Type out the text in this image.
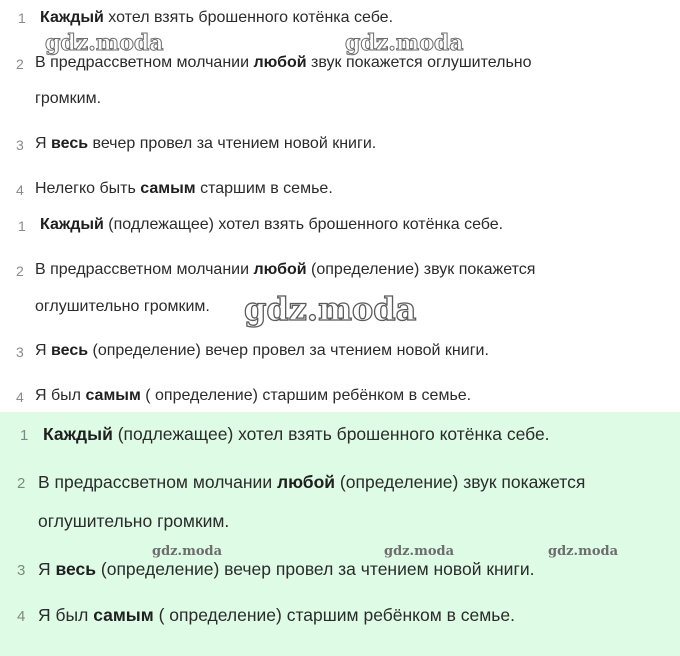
1 Каждый хотел взять брошенного котёнка себе.
2 В предрассветном молчании любой звук покажется оглушительно
громким.
3 Я весь вечер провел за чтением новой книги.
4 Нелегко быть самым старшим в семье.
1 Каждый (подлежащее) хотел взять брошенного котёнка себе.
2 В предрассветном молчании любой (определение) звук покажется
оглушительно громким.
3 Я весь (определение) вечер провел за чтением новой книги.
4 Я был самым ( определение) старшим ребёнком в семье.
1 Каждый (подлежащее) хотел взять брошенного котёнка себе.
2 В предрассветном молчании любой (определение) звук покажется
оглушительно громким.
3 Я весь (определение) вечер провел за чтением новой книги.
4 Я был самым ( определение) старшим ребёнком в семье.
gdz.moda	gdz.moda
gdz.moda
gdz.moda	gdz.moda	gdz.moda
